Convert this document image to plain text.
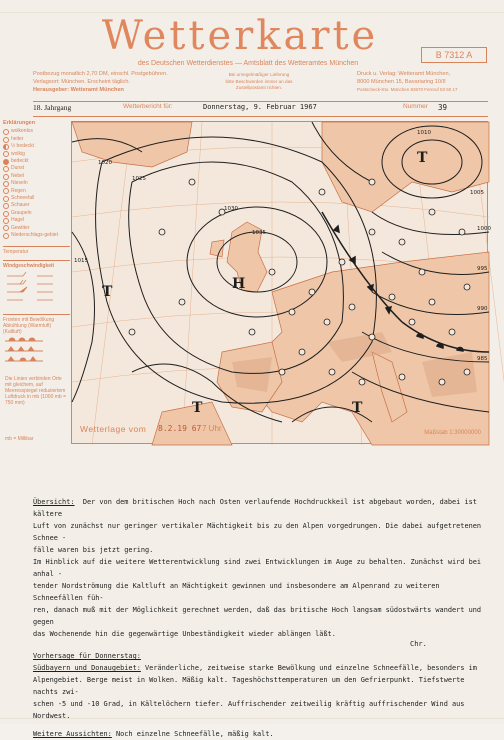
Wetterkarte
des Deutschen Wetterdienstes — Amtsblatt des Wetteramtes München
B 7312 A
Postbezug monatlich 2,70 DM, einschl. Postgebühren.
Verlagsort: München. Erscheint täglich.
Herausgeber: Wetteramt München
Bei unregelmäßiger Lieferung
bitte Beschwerden immer an das
Zustellpostamt richten.
Druck u. Verlag: Wetteramt München,
8000 München 15, Bavariaring 10/II
Postscheck-Kto. München 83670 Fernruf 53 60 17
18. Jahrgang	Wetterbericht für:	Donnerstag, 9. Februar 1967	Nummer 39
Erklärungen
wolkenlos
heiter
½ bedeckt
wolkig
bedeckt
Dunst
Nebel
Nieseln
Regen
Schneefall
Schauer
Graupeln
Hagel
Gewitter
Niederschlags-gebiet
Temperatur
Windgeschwindigkeit
Fronten mit Bewölkung Abkühlung (Warmluft) (Kaltluft)
Die Linien verbinden Orte mit gleichem, auf Meeresspiegel reduziertem Luftdruck in mb (1000 mb = 750 mm)
mb = Millibar
H
T
T
T	T
1035
1030
1025
1020
1015
1010
1005
1000
995
990
985
Wetterlage vom 8.2.19 67 7 Uhr	Maßstab 1:30000000

Übersicht: Der von dem britischen Hoch nach Osten verlaufende Hochdruckkeil ist abgebaut worden, dabei ist kältere

Luft von zunächst nur geringer vertikaler Mächtigkeit bis zu den Alpen vorgedrungen. Die dabei aufgetretenen Schnee -

fälle waren bis jetzt gering.

Im Hinblick auf die weitere Wetterentwicklung sind zwei Entwicklungen im Auge zu behalten. Zunächst wird bei anhal -

tender Nordströmung die Kaltluft an Mächtigkeit gewinnen und insbesondere am Alpenrand zu weiteren Schneefällen füh-

ren, danach muß mit der Möglichkeit gerechnet werden, daß das britische Hoch langsam südostwärts wandert und gegen

das Wochenende hin die gegenwärtige Unbeständigkeit wieder ablängen läßt.

Vorhersage für Donnerstag:

Südbayern und Donaugebiet: Veränderliche, zeitweise starke Bewölkung und einzelne Schneefälle, besonders im

Alpengebiet. Berge meist in Wolken. Mäßig kalt. Tageshöchsttemperaturen um den Gefrierpunkt. Tiefstwerte nachts zwi-

schen -5 und -10 Grad, in Kältelöchern tiefer. Auffrischender zeitweilig kräftig auffrischender Wind aus Nordwest.

Weitere Aussichten: Noch einzelne Schneefälle, mäßig kalt.

Chr.
